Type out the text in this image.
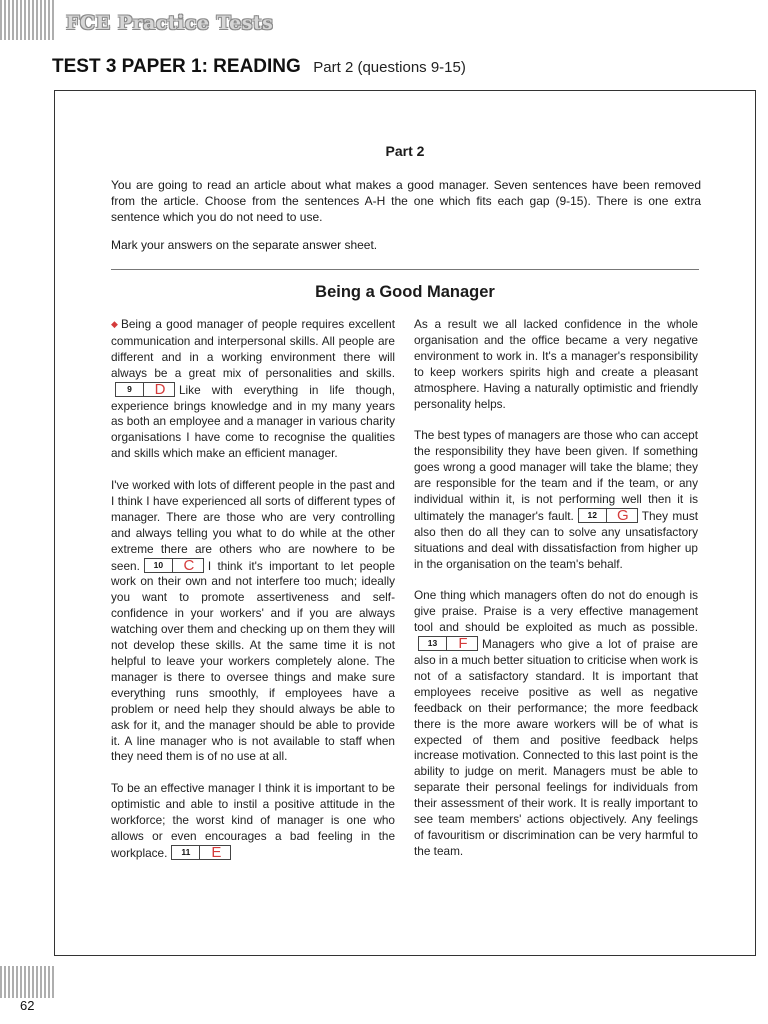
FCE Practice Tests
TEST 3 PAPER 1: READING Part 2 (questions 9-15)
Part 2

You are going to read an article about what makes a good manager. Seven sentences have been removed from the article. Choose from the sentences A-H the one which fits each gap (9-15). There is one extra sentence which you do not need to use.

Mark your answers on the separate answer sheet.

Being a Good Manager

◆ Being a good manager of people requires excellent communication and interpersonal skills. All people are different and in a working environment there will always be a great mix of personalities and skills.
9	D	Like with everything in life though, experience brings knowledge and in my many years as both an employee and a manager in various charity organisations I have come to recognise the qualities and skills which make an efficient manager.

I've worked with lots of different people in the past and I think I have experienced all sorts of different types of manager. There are those who are very controlling and always telling you what to do while at the other extreme there are others who are nowhere to be seen.	10	C	I think it's important to let people work on their own and not interfere too much; ideally you want to promote assertiveness and self-confidence in your workers' and if you are always watching over them and checking up on them they will not develop these skills. At the same time it is not helpful to leave your workers completely alone. The manager is there to oversee things and make sure everything runs smoothly, if employees have a problem or need help they should always be able to ask for it, and the manager should be able to provide it. A line manager who is not available to staff when they need them is of no use at all.

To be an effective manager I think it is important to be optimistic and able to instil a positive attitude in the workforce; the worst kind of manager is one who allows or even encourages a bad feeling in the workplace.	11	E

As a result we all lacked confidence in the whole organisation and the office became a very negative environment to work in. It's a manager's responsibility to keep workers spirits high and create a pleasant atmosphere. Having a naturally optimistic and friendly personality helps.

The best types of managers are those who can accept the responsibility they have been given. If something goes wrong a good manager will take the blame; they are responsible for the team and if the team, or any individual within it, is not performing well then it is ultimately the manager's fault.	12	G	They must also then do all they can to solve any unsatisfactory situations and deal with dissatisfaction from higher up in the organisation on the team's behalf.

One thing which managers often do not do enough is give praise. Praise is a very effective management tool and should be exploited as much as possible.
13	F	Managers who give a lot of praise are also in a much better situation to criticise when work is not of a satisfactory standard. It is important that employees receive positive as well as negative feedback on their performance; the more feedback there is the more aware workers will be of what is expected of them and positive feedback helps increase motivation. Connected to this last point is the ability to judge on merit. Managers must be able to separate their personal feelings for individuals from their assessment of their work. It is really important to see team members' actions objectively. Any feelings of favouritism or discrimination can be very harmful to the team.

62
